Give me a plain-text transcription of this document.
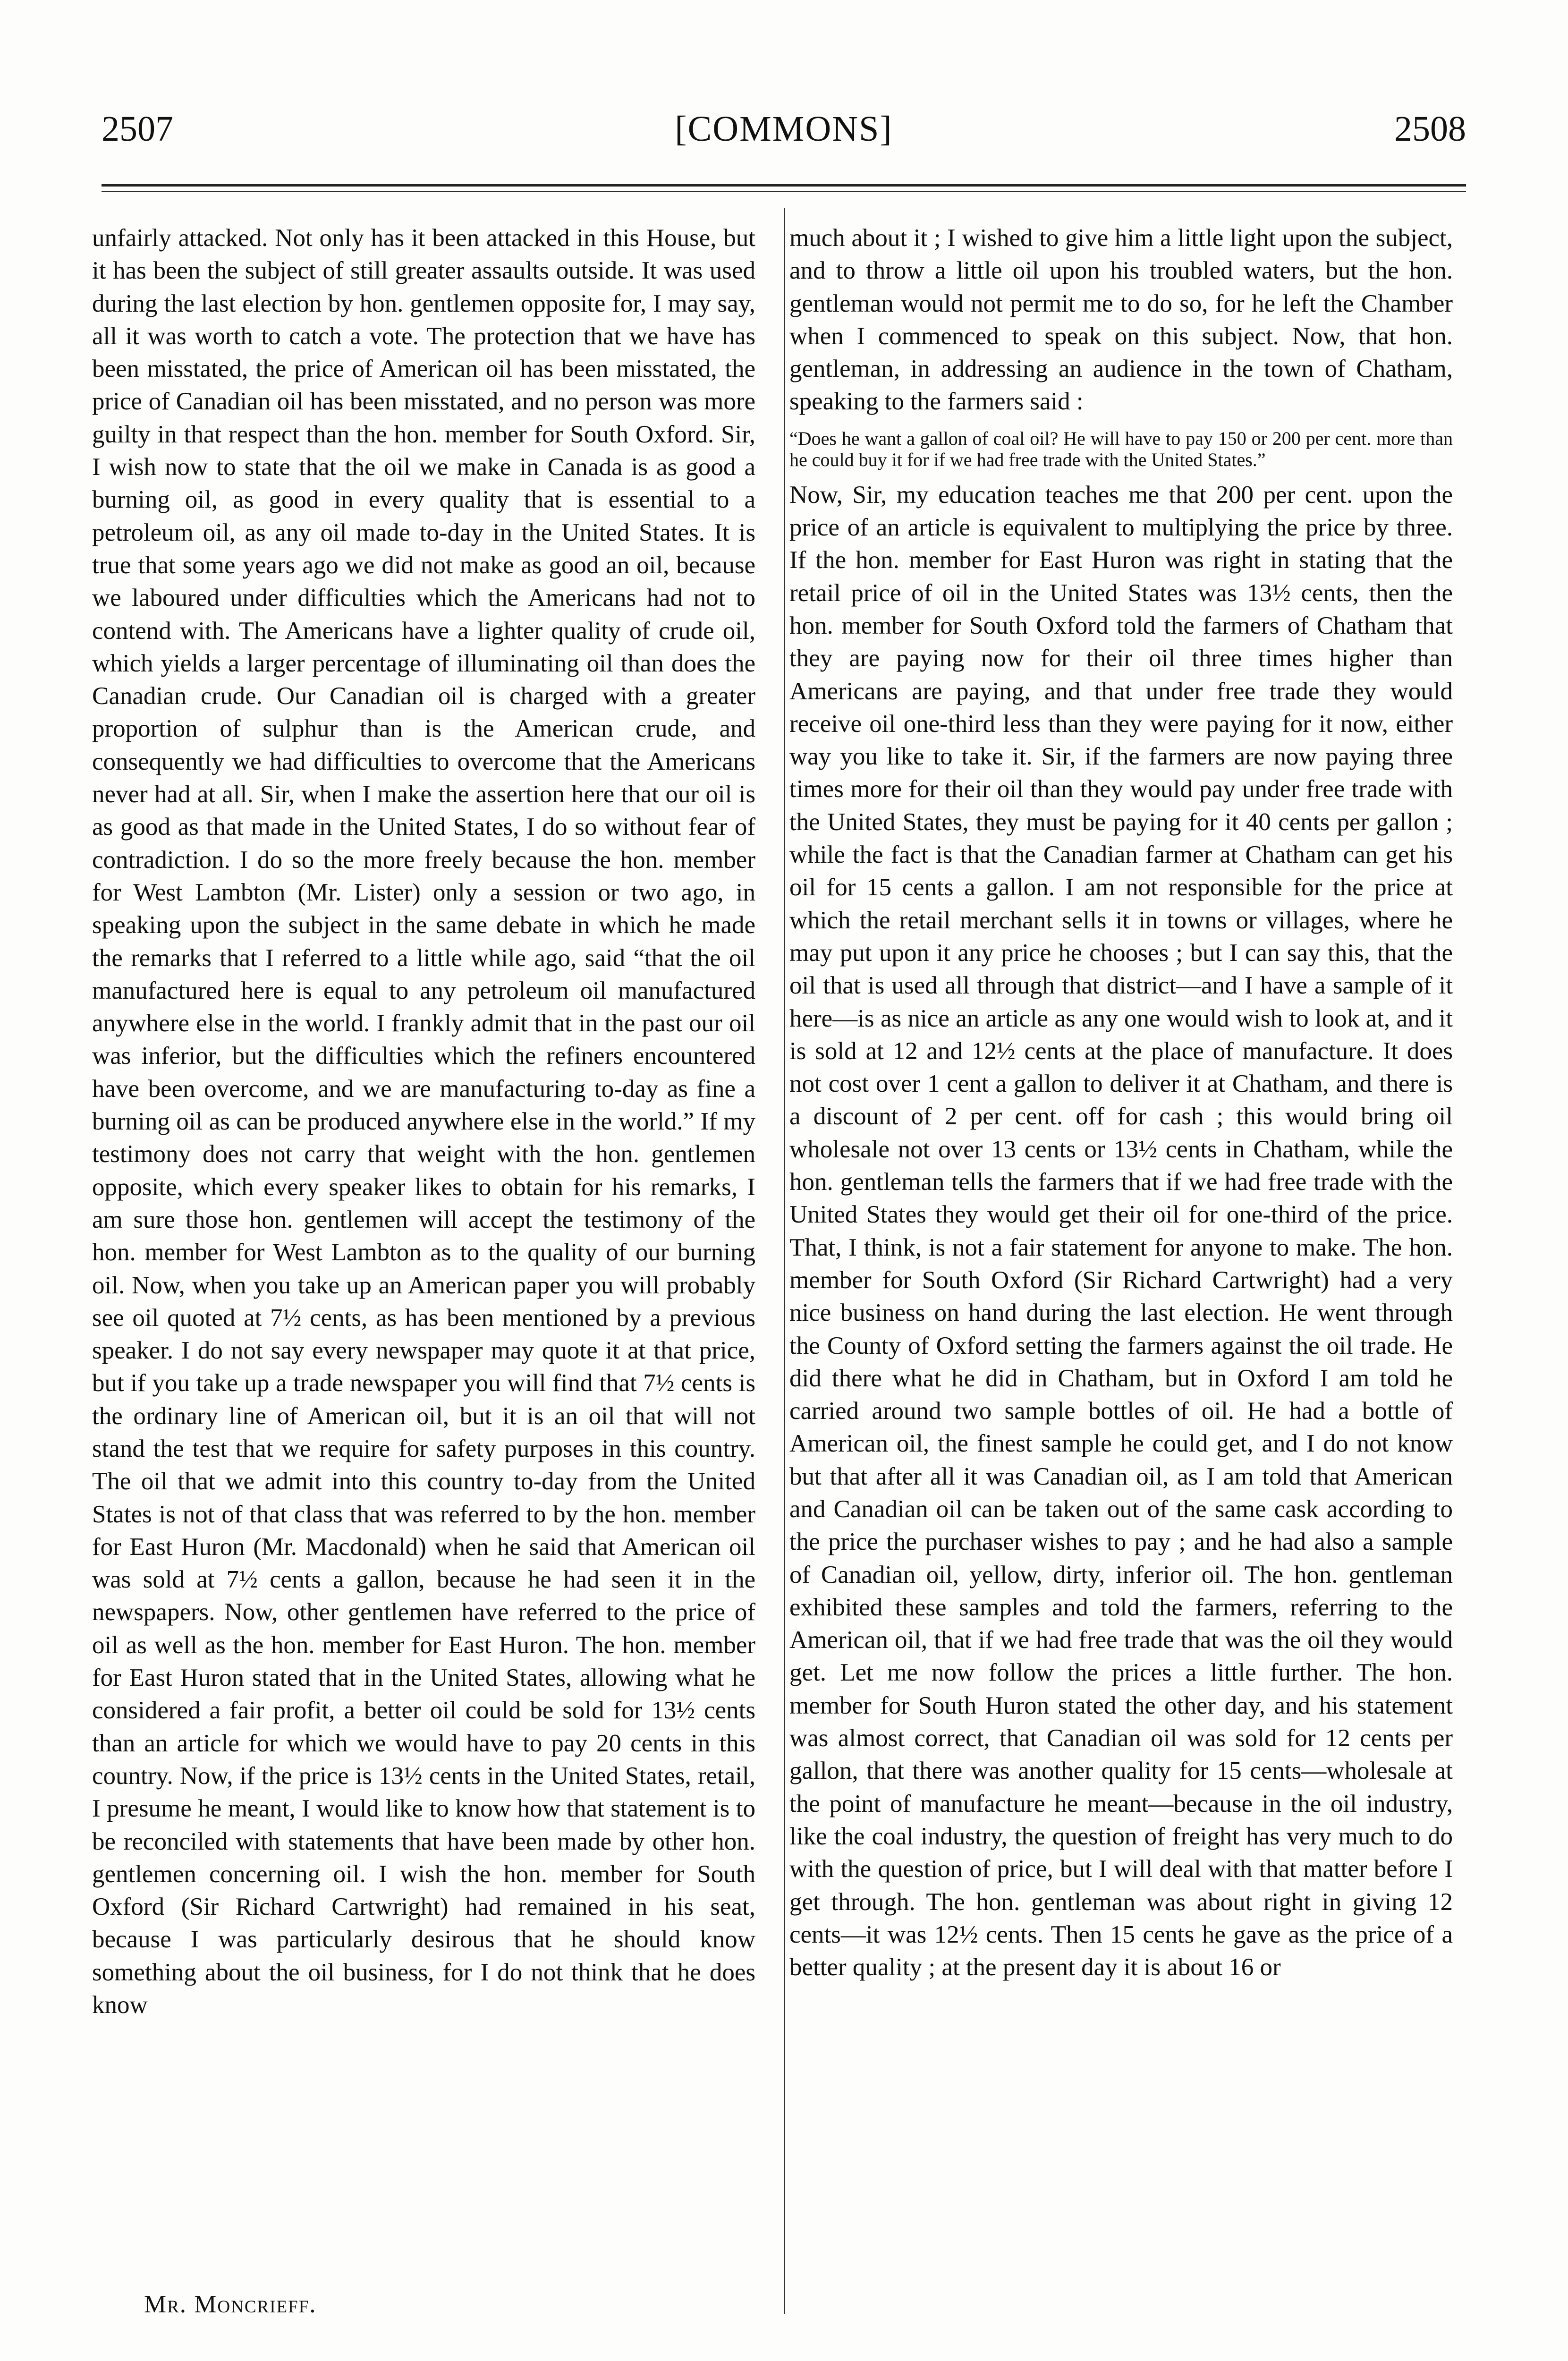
2507	[COMMONS]	2508

unfairly attacked. Not only has it been attacked in this House, but it has been the subject of still greater assaults outside. It was used during the last election by hon. gentlemen opposite for, I may say, all it was worth to catch a vote. The protection that we have has been misstated, the price of American oil has been misstated, the price of Canadian oil has been misstated, and no person was more guilty in that respect than the hon. member for South Oxford. Sir, I wish now to state that the oil we make in Canada is as good a burning oil, as good in every quality that is essential to a petroleum oil, as any oil made to-day in the United States. It is true that some years ago we did not make as good an oil, because we laboured under difficulties which the Americans had not to contend with. The Americans have a lighter quality of crude oil, which yields a larger percentage of illuminating oil than does the Canadian crude. Our Canadian oil is charged with a greater proportion of sulphur than is the American crude, and consequently we had difficulties to overcome that the Americans never had at all. Sir, when I make the assertion here that our oil is as good as that made in the United States, I do so without fear of contradiction. I do so the more freely because the hon. member for West Lambton (Mr. Lister) only a session or two ago, in speaking upon the subject in the same debate in which he made the remarks that I referred to a little while ago, said “that the oil manufactured here is equal to any petroleum oil manufactured anywhere else in the world. I frankly admit that in the past our oil was inferior, but the difficulties which the refiners encountered have been overcome, and we are manufacturing to-day as fine a burning oil as can be produced anywhere else in the world.” If my testimony does not carry that weight with the hon. gentlemen opposite, which every speaker likes to obtain for his remarks, I am sure those hon. gentlemen will accept the testimony of the hon. member for West Lambton as to the quality of our burning oil. Now, when you take up an American paper you will probably see oil quoted at 7½ cents, as has been mentioned by a previous speaker. I do not say every newspaper may quote it at that price, but if you take up a trade newspaper you will find that 7½ cents is the ordinary line of American oil, but it is an oil that will not stand the test that we require for safety purposes in this country. The oil that we admit into this country to-day from the United States is not of that class that was referred to by the hon. member for East Huron (Mr. Macdonald) when he said that American oil was sold at 7½ cents a gallon, because he had seen it in the newspapers. Now, other gentlemen have referred to the price of oil as well as the hon. member for East Huron. The hon. member for East Huron stated that in the United States, allowing what he considered a fair profit, a better oil could be sold for 13½ cents than an article for which we would have to pay 20 cents in this country. Now, if the price is 13½ cents in the United States, retail, I presume he meant, I would like to know how that statement is to be reconciled with statements that have been made by other hon. gentlemen concerning oil. I wish the hon. member for South Oxford (Sir Richard Cartwright) had remained in his seat, because I was particularly desirous that he should know something about the oil business, for I do not think that he does know

much about it ; I wished to give him a little light upon the subject, and to throw a little oil upon his troubled waters, but the hon. gentleman would not permit me to do so, for he left the Chamber when I commenced to speak on this subject. Now, that hon. gentleman, in addressing an audience in the town of Chatham, speaking to the farmers said :

“Does he want a gallon of coal oil? He will have to pay 150 or 200 per cent. more than he could buy it for if we had free trade with the United States.”

Now, Sir, my education teaches me that 200 per cent. upon the price of an article is equivalent to multiplying the price by three. If the hon. member for East Huron was right in stating that the retail price of oil in the United States was 13½ cents, then the hon. member for South Oxford told the farmers of Chatham that they are paying now for their oil three times higher than Americans are paying, and that under free trade they would receive oil one-third less than they were paying for it now, either way you like to take it. Sir, if the farmers are now paying three times more for their oil than they would pay under free trade with the United States, they must be paying for it 40 cents per gallon ; while the fact is that the Canadian farmer at Chatham can get his oil for 15 cents a gallon. I am not responsible for the price at which the retail merchant sells it in towns or villages, where he may put upon it any price he chooses ; but I can say this, that the oil that is used all through that district—and I have a sample of it here—is as nice an article as any one would wish to look at, and it is sold at 12 and 12½ cents at the place of manufacture. It does not cost over 1 cent a gallon to deliver it at Chatham, and there is a discount of 2 per cent. off for cash ; this would bring oil wholesale not over 13 cents or 13½ cents in Chatham, while the hon. gentleman tells the farmers that if we had free trade with the United States they would get their oil for one-third of the price. That, I think, is not a fair statement for anyone to make. The hon. member for South Oxford (Sir Richard Cartwright) had a very nice business on hand during the last election. He went through the County of Oxford setting the farmers against the oil trade. He did there what he did in Chatham, but in Oxford I am told he carried around two sample bottles of oil. He had a bottle of American oil, the finest sample he could get, and I do not know but that after all it was Canadian oil, as I am told that American and Canadian oil can be taken out of the same cask according to the price the purchaser wishes to pay ; and he had also a sample of Canadian oil, yellow, dirty, inferior oil. The hon. gentleman exhibited these samples and told the farmers, referring to the American oil, that if we had free trade that was the oil they would get. Let me now follow the prices a little further. The hon. member for South Huron stated the other day, and his statement was almost correct, that Canadian oil was sold for 12 cents per gallon, that there was another quality for 15 cents—wholesale at the point of manufacture he meant—because in the oil industry, like the coal industry, the question of freight has very much to do with the question of price, but I will deal with that matter before I get through. The hon. gentleman was about right in giving 12 cents—it was 12½ cents. Then 15 cents he gave as the price of a better quality ; at the present day it is about 16 or

Mr. Moncrieff.
